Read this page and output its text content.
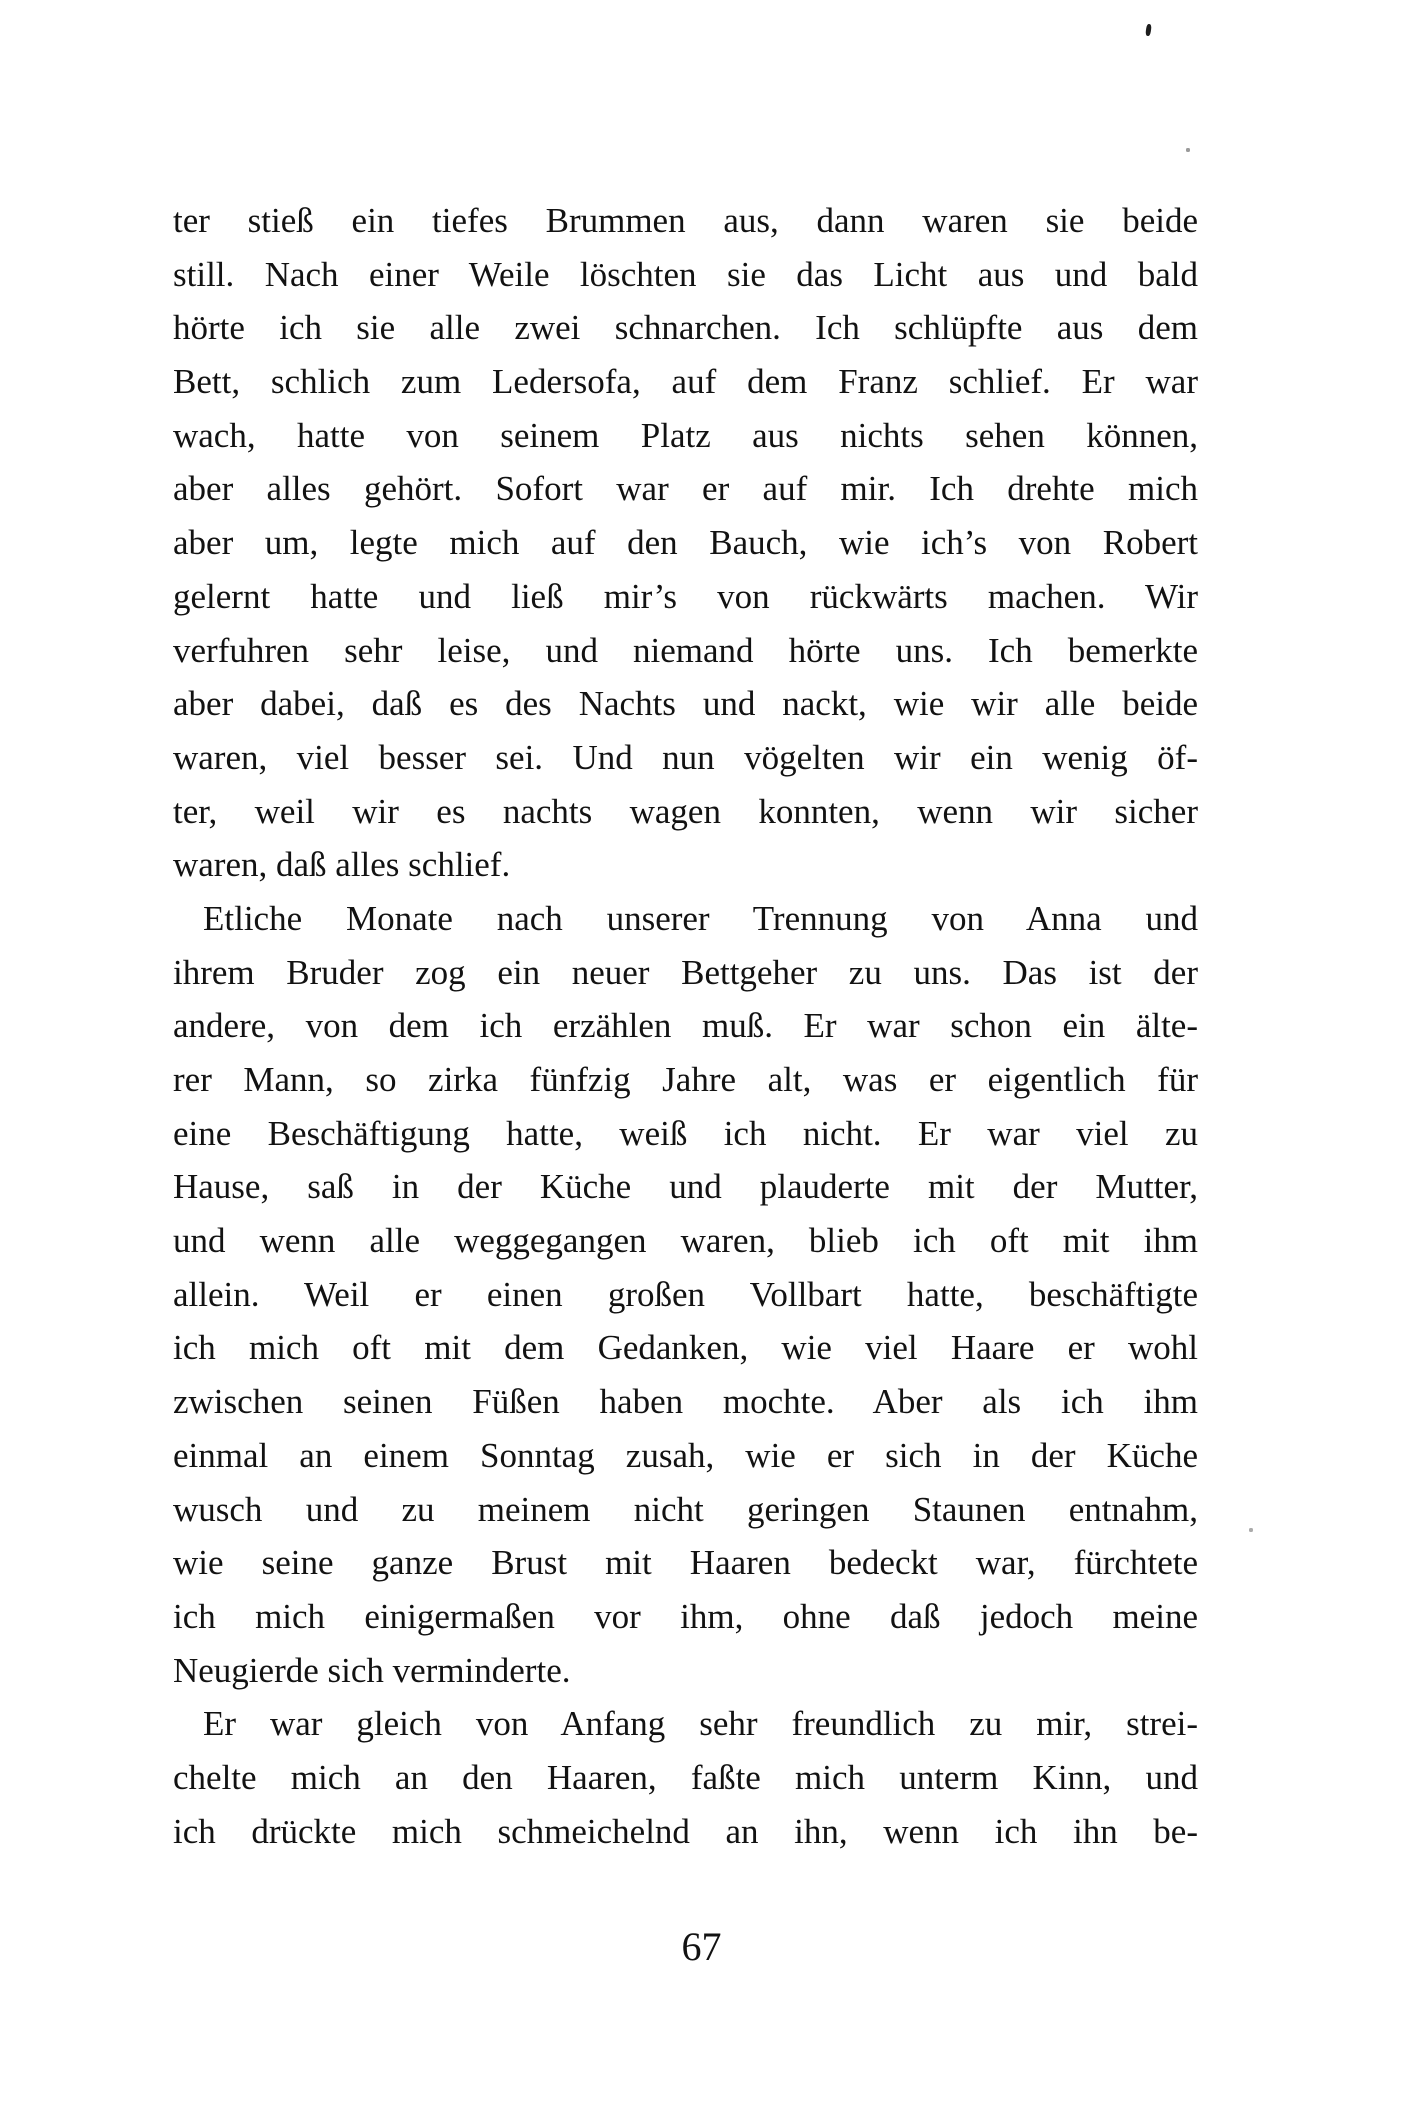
ter stieß ein tiefes Brummen aus, dann waren sie beide
still. Nach einer Weile löschten sie das Licht aus und bald
hörte ich sie alle zwei schnarchen. Ich schlüpfte aus dem
Bett, schlich zum Ledersofa, auf dem Franz schlief. Er war
wach, hatte von seinem Platz aus nichts sehen können,
aber alles gehört. Sofort war er auf mir. Ich drehte mich
aber um, legte mich auf den Bauch, wie ich’s von Robert
gelernt hatte und ließ mir’s von rückwärts machen. Wir
verfuhren sehr leise, und niemand hörte uns. Ich bemerkte
aber dabei, daß es des Nachts und nackt, wie wir alle beide
waren, viel besser sei. Und nun vögelten wir ein wenig öf-
ter, weil wir es nachts wagen konnten, wenn wir sicher
waren, daß alles schlief.
Etliche Monate nach unserer Trennung von Anna und
ihrem Bruder zog ein neuer Bettgeher zu uns. Das ist der
andere, von dem ich erzählen muß. Er war schon ein älte-
rer Mann, so zirka fünfzig Jahre alt, was er eigentlich für
eine Beschäftigung hatte, weiß ich nicht. Er war viel zu
Hause, saß in der Küche und plauderte mit der Mutter,
und wenn alle weggegangen waren, blieb ich oft mit ihm
allein. Weil er einen großen Vollbart hatte, beschäftigte
ich mich oft mit dem Gedanken, wie viel Haare er wohl
zwischen seinen Füßen haben mochte. Aber als ich ihm
einmal an einem Sonntag zusah, wie er sich in der Küche
wusch und zu meinem nicht geringen Staunen entnahm,
wie seine ganze Brust mit Haaren bedeckt war, fürchtete
ich mich einigermaßen vor ihm, ohne daß jedoch meine
Neugierde sich verminderte.
Er war gleich von Anfang sehr freundlich zu mir, strei-
chelte mich an den Haaren, faßte mich unterm Kinn, und
ich drückte mich schmeichelnd an ihn, wenn ich ihn be-
67
